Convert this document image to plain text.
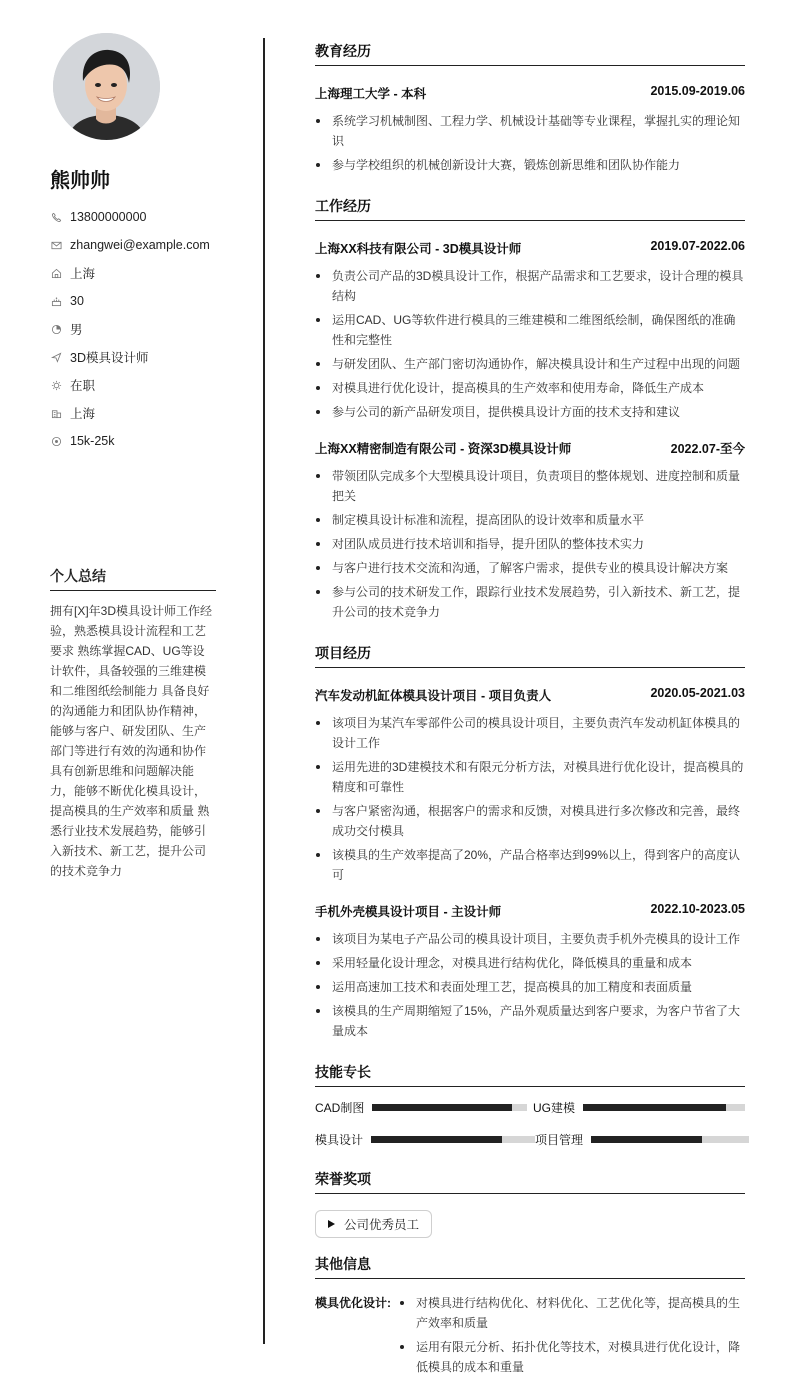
熊帅帅
13800000000
zhangwei@example.com
上海
30
男
3D模具设计师
在职
上海
15k-25k
个人总结
拥有[X]年3D模具设计师工作经验，熟悉模具设计流程和工艺要求 熟练掌握CAD、UG等设计软件，具备较强的三维建模和二维图纸绘制能力 具备良好的沟通能力和团队协作精神，能够与客户、研发团队、生产部门等进行有效的沟通和协作 具有创新思维和问题解决能力，能够不断优化模具设计，提高模具的生产效率和质量 熟悉行业技术发展趋势，能够引入新技术、新工艺，提升公司的技术竞争力
教育经历
上海理工大学 - 本科	2015.09-2019.06
系统学习机械制图、工程力学、机械设计基础等专业课程，掌握扎实的理论知识
参与学校组织的机械创新设计大赛，锻炼创新思维和团队协作能力
工作经历
上海XX科技有限公司 - 3D模具设计师	2019.07-2022.06
负责公司产品的3D模具设计工作，根据产品需求和工艺要求，设计合理的模具结构
运用CAD、UG等软件进行模具的三维建模和二维图纸绘制，确保图纸的准确性和完整性
与研发团队、生产部门密切沟通协作，解决模具设计和生产过程中出现的问题
对模具进行优化设计，提高模具的生产效率和使用寿命，降低生产成本
参与公司的新产品研发项目，提供模具设计方面的技术支持和建议
上海XX精密制造有限公司 - 资深3D模具设计师	2022.07-至今
带领团队完成多个大型模具设计项目，负责项目的整体规划、进度控制和质量把关
制定模具设计标准和流程，提高团队的设计效率和质量水平
对团队成员进行技术培训和指导，提升团队的整体技术实力
与客户进行技术交流和沟通，了解客户需求，提供专业的模具设计解决方案
参与公司的技术研发工作，跟踪行业技术发展趋势，引入新技术、新工艺，提升公司的技术竞争力
项目经历
汽车发动机缸体模具设计项目 - 项目负责人	2020.05-2021.03
该项目为某汽车零部件公司的模具设计项目，主要负责汽车发动机缸体模具的设计工作
运用先进的3D建模技术和有限元分析方法，对模具进行优化设计，提高模具的精度和可靠性
与客户紧密沟通，根据客户的需求和反馈，对模具进行多次修改和完善，最终成功交付模具
该模具的生产效率提高了20%，产品合格率达到99%以上，得到客户的高度认可
手机外壳模具设计项目 - 主设计师	2022.10-2023.05
该项目为某电子产品公司的模具设计项目，主要负责手机外壳模具的设计工作
采用轻量化设计理念，对模具进行结构优化，降低模具的重量和成本
运用高速加工技术和表面处理工艺，提高模具的加工精度和表面质量
该模具的生产周期缩短了15%，产品外观质量达到客户要求，为客户节省了大量成本
技能专长
CAD制图	UG建模
模具设计	项目管理
荣誉奖项
公司优秀员工
其他信息
模具优化设计:	对模具进行结构优化、材料优化、工艺优化等，提高模具的生产效率和质量
运用有限元分析、拓扑优化等技术，对模具进行优化设计，降低模具的成本和重量
